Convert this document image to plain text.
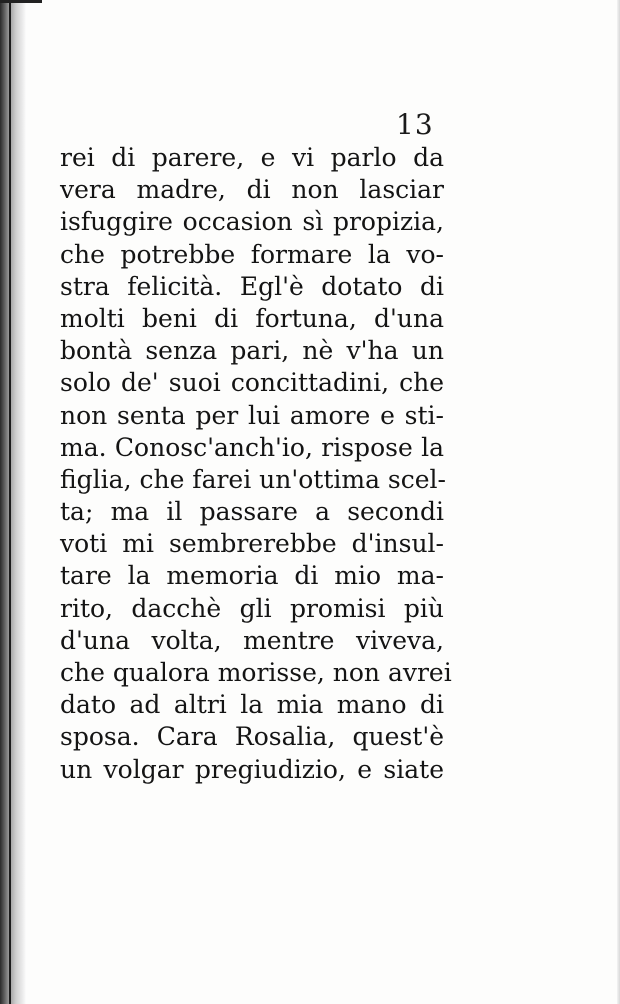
13
rei di parere, e vi parlo da
vera madre, di non lasciar
isfuggire occasion sì propizia,
che potrebbe formare la vo-
stra felicità. Egl'è dotato di
molti beni di fortuna, d'una
bontà senza pari, nè v'ha un
solo de' suoi concittadini, che
non senta per lui amore e sti-
ma. Conosc'anch'io, rispose la
figlia, che farei un'ottima scel-
ta; ma il passare a secondi
voti mi sembrerebbe d'insul-
tare la memoria di mio ma-
rito, dacchè gli promisi più
d'una volta, mentre viveva,
che qualora morisse, non avrei
dato ad altri la mia mano di
sposa. Cara Rosalia, quest'è
un volgar pregiudizio, e siate
